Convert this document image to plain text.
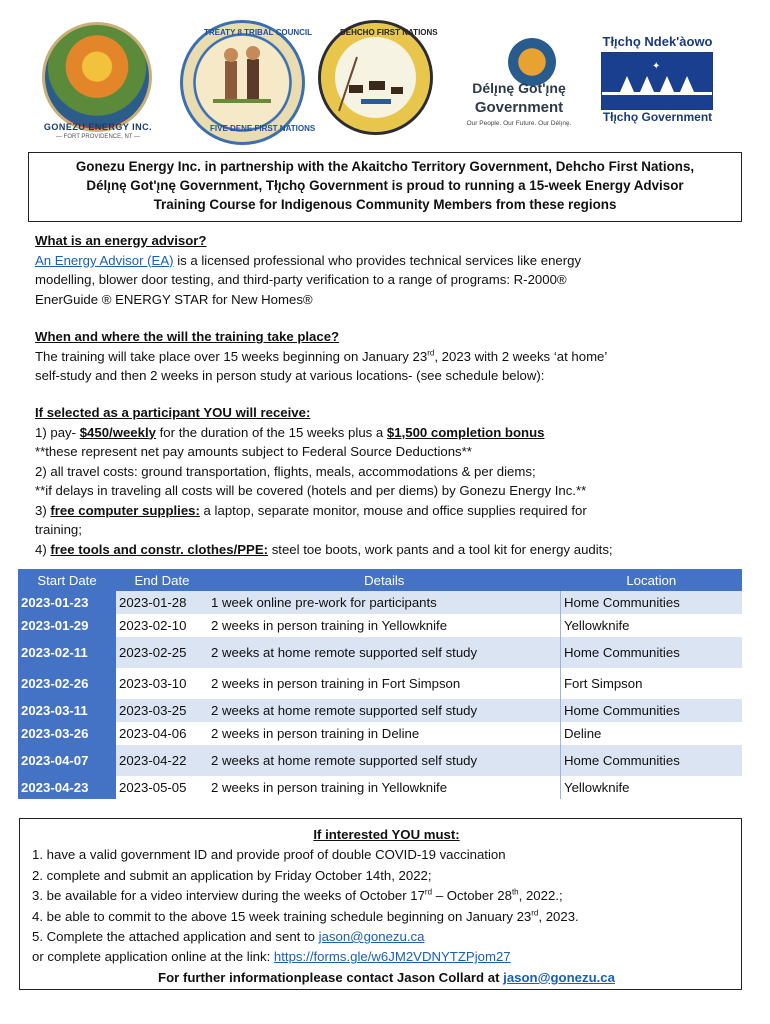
GONEZU ENERGY INC.
— FORT PROVIDENCE, NT —
TREATY 8 TRIBAL COUNCIL
FIVE DENE FIRST NATIONS
DEHCHO FIRST NATIONS
Délı̨nę Got'ı̨nę
Government
Our People. Our Future. Our Délı̨nę.
Tłı̨chǫ Ndek'àowo
✦
Tłı̨chǫ Government
Gonezu Energy Inc. in partnership with the Akaitcho Territory Government, Dehcho First Nations,
Délı̨nę Got'ı̨nę Government, Tłı̨chǫ Government is proud to running a 15-week Energy Advisor
Training Course for Indigenous Community Members from these regions
What is an energy advisor?
An Energy Advisor (EA) is a licensed professional who provides technical services like energy
modelling, blower door testing, and third-party verification to a range of programs: R-2000®
EnerGuide ® ENERGY STAR for New Homes®
When and where the will the training take place?
The training will take place over 15 weeks beginning on January 23rd, 2023 with 2 weeks ‘at home’
self-study and then 2 weeks in person study at various locations- (see schedule below):
If selected as a participant YOU will receive:
1) pay- $450/weekly for the duration of the 15 weeks plus a $1,500 completion bonus
**these represent net pay amounts subject to Federal Source Deductions**
2) all travel costs: ground transportation, flights, meals, accommodations & per diems;
**if delays in traveling all costs will be covered (hotels and per diems) by Gonezu Energy Inc.**
3) free computer supplies: a laptop, separate monitor, mouse and office supplies required for
training;
4) free tools and constr. clothes/PPE: steel toe boots, work pants and a tool kit for energy audits;
Start Date	End Date	Details	Location
2023-01-23	2023-01-28	1 week online pre-work for participants	Home Communities
2023-01-29	2023-02-10	2 weeks in person training in Yellowknife	Yellowknife
2023-02-11	2023-02-25	2 weeks at home remote supported self study	Home Communities
2023-02-26	2023-03-10	2 weeks in person training in Fort Simpson	Fort Simpson
2023-03-11	2023-03-25	2 weeks at home remote supported self study	Home Communities
2023-03-26	2023-04-06	2 weeks in person training in Deline	Deline
2023-04-07	2023-04-22	2 weeks at home remote supported self study	Home Communities
2023-04-23	2023-05-05	2 weeks in person training in Yellowknife	Yellowknife
If interested YOU must:
1. have a valid government ID and provide proof of double COVID-19 vaccination
2. complete and submit an application by Friday October 14th, 2022;
3. be available for a video interview during the weeks of October 17rd – October 28th, 2022.;
4. be able to commit to the above 15 week training schedule beginning on January 23rd, 2023.
5. Complete the attached application and sent to jason@gonezu.ca
or complete application online at the link: https://forms.gle/w6JM2VDNYTZPjom27
For further informationplease contact Jason Collard at jason@gonezu.ca
